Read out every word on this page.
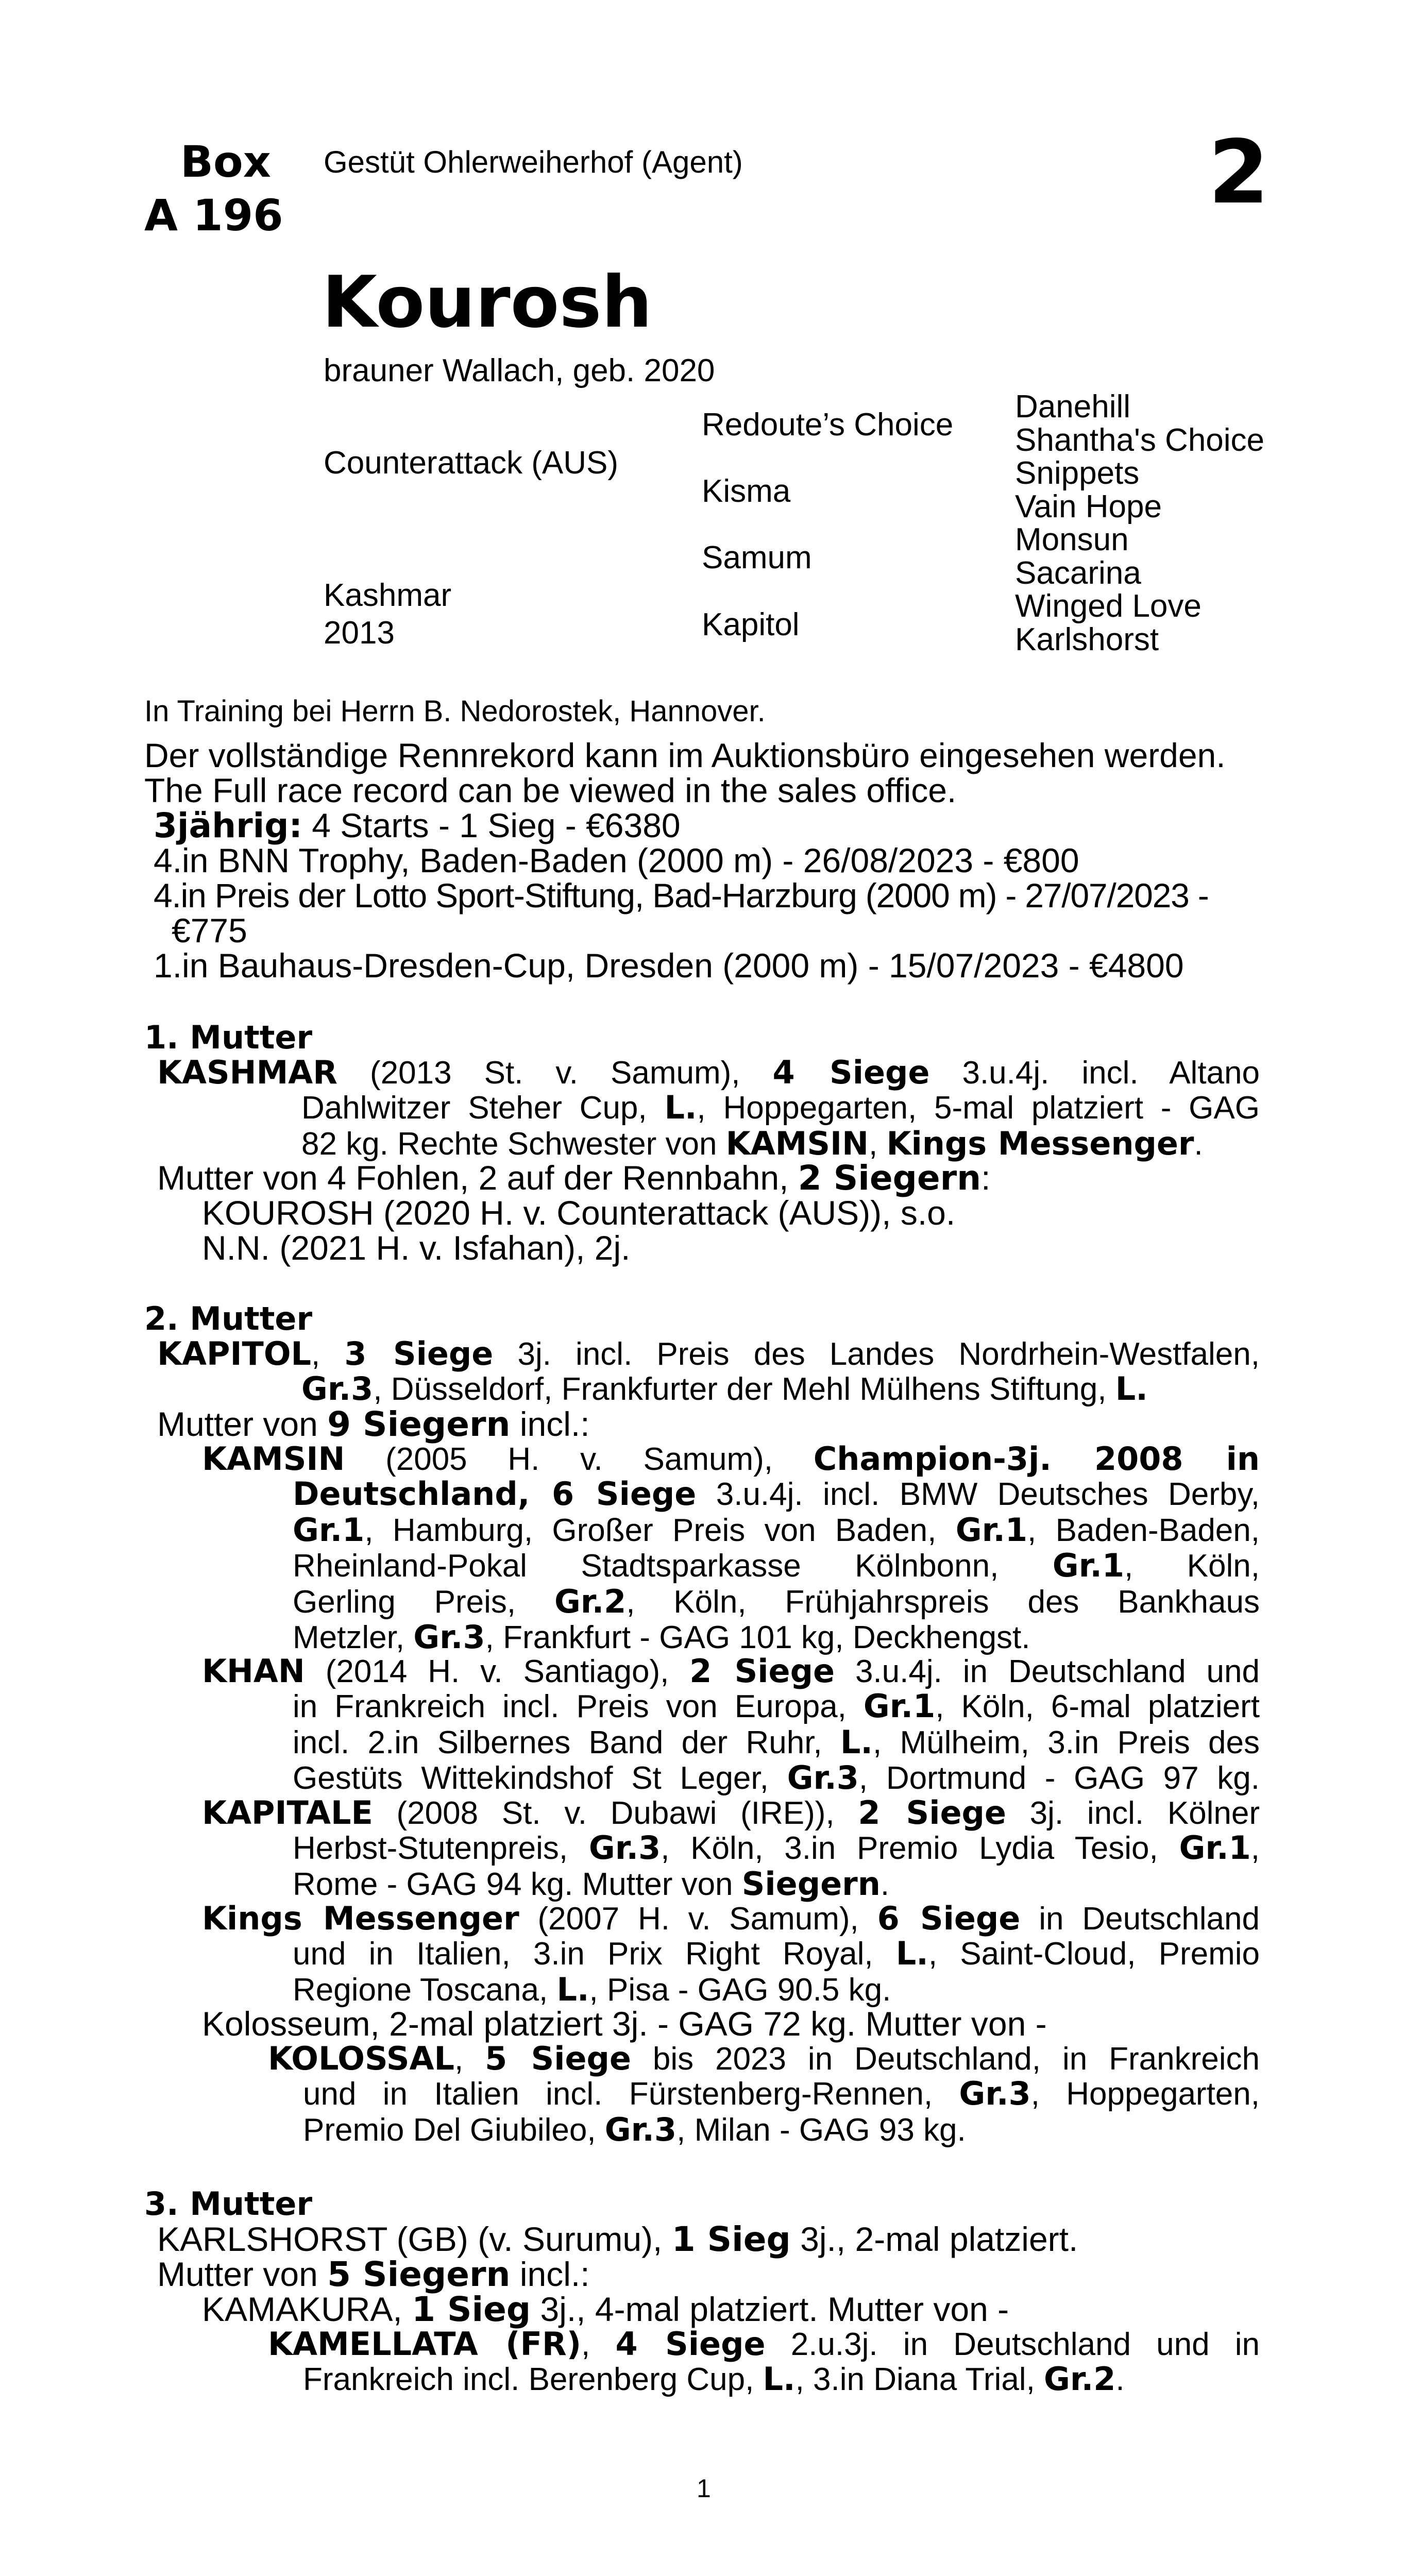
Box
A 196
Gestüt Ohlerweiherhof (Agent)	2
Kourosh
brauner Wallach, geb. 2020
Counterattack (AUS)
Kashmar
2013
Redoute’s Choice
Kisma
Samum
Kapitol
Danehill
Shantha's Choice
Snippets
Vain Hope
Monsun
Sacarina
Winged Love
Karlshorst
In Training bei Herrn B. Nedorostek, Hannover.
Der vollständige Rennrekord kann im Auktionsbüro eingesehen werden.
The Full race record can be viewed in the sales office.
3jährig: 4 Starts - 1 Sieg - €6380
4.in BNN Trophy, Baden-Baden (2000 m) - 26/08/2023 - €800
4.in Preis der Lotto Sport-Stiftung, Bad-Harzburg (2000 m) - 27/07/2023 -
€775
1.in Bauhaus-Dresden-Cup, Dresden (2000 m) - 15/07/2023 - €4800
1. Mutter
KASHMAR (2013 St. v. Samum), 4 Siege 3.u.4j. incl. Altano
Dahlwitzer Steher Cup, L., Hoppegarten, 5-mal platziert - GAG
82 kg. Rechte Schwester von KAMSIN, Kings Messenger.
Mutter von 4 Fohlen, 2 auf der Rennbahn, 2 Siegern:
KOUROSH (2020 H. v. Counterattack (AUS)), s.o.
N.N. (2021 H. v. Isfahan), 2j.
2. Mutter
KAPITOL, 3 Siege 3j. incl. Preis des Landes Nordrhein-Westfalen,
Gr.3, Düsseldorf, Frankfurter der Mehl Mülhens Stiftung, L.
Mutter von 9 Siegern incl.:
KAMSIN (2005 H. v. Samum), Champion-3j. 2008 in
Deutschland, 6 Siege 3.u.4j. incl. BMW Deutsches Derby,
Gr.1, Hamburg, Großer Preis von Baden, Gr.1, Baden-Baden,
Rheinland-Pokal Stadtsparkasse Kölnbonn, Gr.1, Köln,
Gerling Preis, Gr.2, Köln, Frühjahrspreis des Bankhaus
Metzler, Gr.3, Frankfurt - GAG 101 kg, Deckhengst.
KHAN (2014 H. v. Santiago), 2 Siege 3.u.4j. in Deutschland und
in Frankreich incl. Preis von Europa, Gr.1, Köln, 6-mal platziert
incl. 2.in Silbernes Band der Ruhr, L., Mülheim, 3.in Preis des
Gestüts Wittekindshof St Leger, Gr.3, Dortmund - GAG 97 kg.
KAPITALE (2008 St. v. Dubawi (IRE)), 2 Siege 3j. incl. Kölner
Herbst-Stutenpreis, Gr.3, Köln, 3.in Premio Lydia Tesio, Gr.1,
Rome - GAG 94 kg. Mutter von Siegern.
Kings Messenger (2007 H. v. Samum), 6 Siege in Deutschland
und in Italien, 3.in Prix Right Royal, L., Saint-Cloud, Premio
Regione Toscana, L., Pisa - GAG 90.5 kg.
Kolosseum, 2-mal platziert 3j. - GAG 72 kg. Mutter von -
KOLOSSAL, 5 Siege bis 2023 in Deutschland, in Frankreich
und in Italien incl. Fürstenberg-Rennen, Gr.3, Hoppegarten,
Premio Del Giubileo, Gr.3, Milan - GAG 93 kg.
3. Mutter
KARLSHORST (GB) (v. Surumu), 1 Sieg 3j., 2-mal platziert.
Mutter von 5 Siegern incl.:
KAMAKURA, 1 Sieg 3j., 4-mal platziert. Mutter von -
KAMELLATA (FR), 4 Siege 2.u.3j. in Deutschland und in
Frankreich incl. Berenberg Cup, L., 3.in Diana Trial, Gr.2.
1
